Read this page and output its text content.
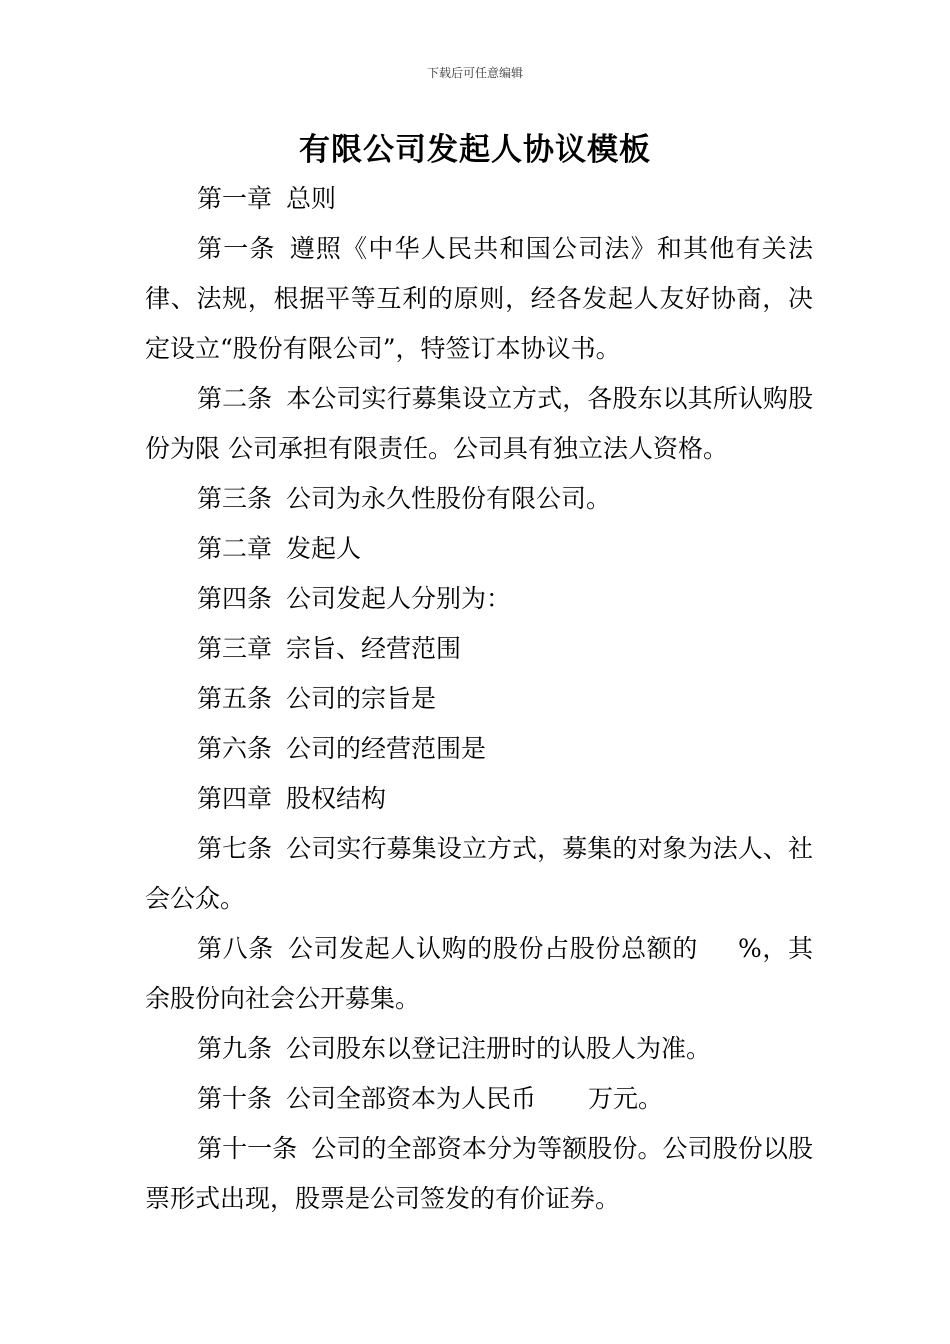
下载后可任意编辑
有限公司发起人协议模板

第一章 总则

第一条 遵照《中华人民共和国公司法》和其他有关法律、法规，根据平等互利的原则，经各发起人友好协商，决定设立“股份有限公司”，特签订本协议书。

第二条 本公司实行募集设立方式，各股东以其所认购股份为限 公司承担有限责任。公司具有独立法人资格。

第三条 公司为永久性股份有限公司。

第二章 发起人

第四条 公司发起人分别为：

第三章 宗旨、经营范围

第五条 公司的宗旨是

第六条 公司的经营范围是

第四章 股权结构

第七条 公司实行募集设立方式，募集的对象为法人、社会公众。

第八条 公司发起人认购的股份占股份总额的 %，其余股份向社会公开募集。

第九条 公司股东以登记注册时的认股人为准。

第十条 公司全部资本为人民币 万元。

第十一条 公司的全部资本分为等额股份。公司股份以股票形式出现，股票是公司签发的有价证券。
